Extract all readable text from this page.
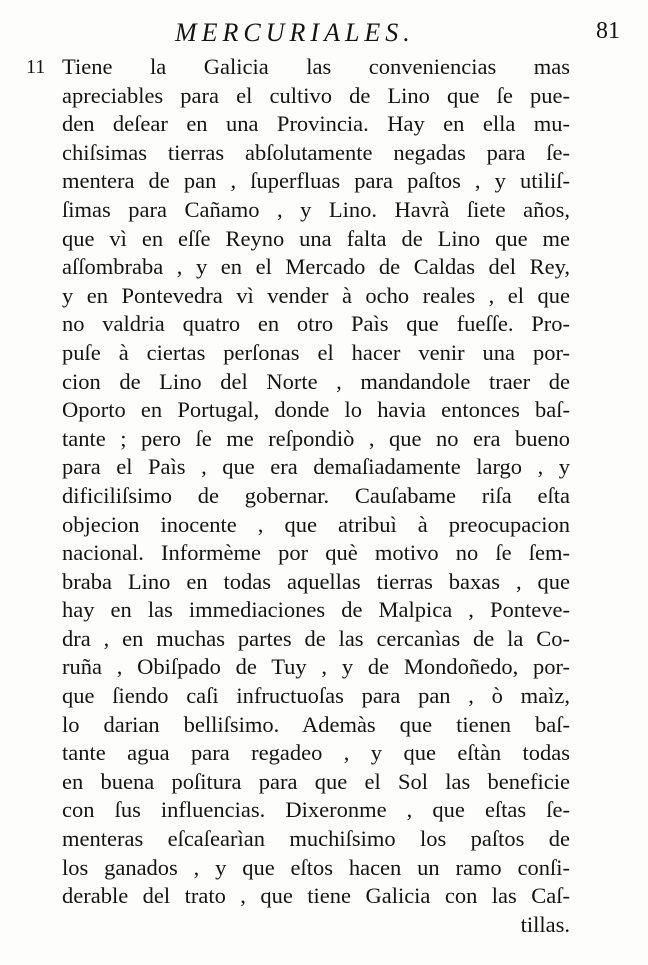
MERCURIALES.	81
11 Tiene la Galicia las conveniencias mas
apreciables para el cultivo de Lino que ſe pue-
den deſear en una Provincia. Hay en ella mu-
chiſsimas tierras abſolutamente negadas para ſe-
mentera de pan , ſuperfluas para paſtos , y utiliſ-
ſimas para Cañamo , y Lino. Havrà ſiete años,
que vì en eſſe Reyno una falta de Lino que me
aſſombraba , y en el Mercado de Caldas del Rey,
y en Pontevedra vì vender à ocho reales , el que
no valdria quatro en otro Paìs que fueſſe. Pro-
puſe à ciertas perſonas el hacer venir una por-
cion de Lino del Norte , mandandole traer de
Oporto en Portugal, donde lo havia entonces baſ-
tante ; pero ſe me reſpondiò , que no era bueno
para el Paìs , que era demaſiadamente largo , y
dificiliſsimo de gobernar. Cauſabame riſa eſta
objecion inocente , que atribuì à preocupacion
nacional. Informème por què motivo no ſe ſem-
braba Lino en todas aquellas tierras baxas , que
hay en las immediaciones de Malpica , Ponteve-
dra , en muchas partes de las cercanìas de la Co-
ruña , Obiſpado de Tuy , y de Mondoñedo, por-
que ſiendo caſi infructuoſas para pan , ò maìz,
lo darian belliſsimo. Ademàs que tienen baſ-
tante agua para regadeo , y que eſtàn todas
en buena poſitura para que el Sol las beneficie
con ſus influencias. Dixeronme , que eſtas ſe-
menteras eſcaſearìan muchiſsimo los paſtos de
los ganados , y que eſtos hacen un ramo conſi-
derable del trato , que tiene Galicia con las Caſ-
tillas.
